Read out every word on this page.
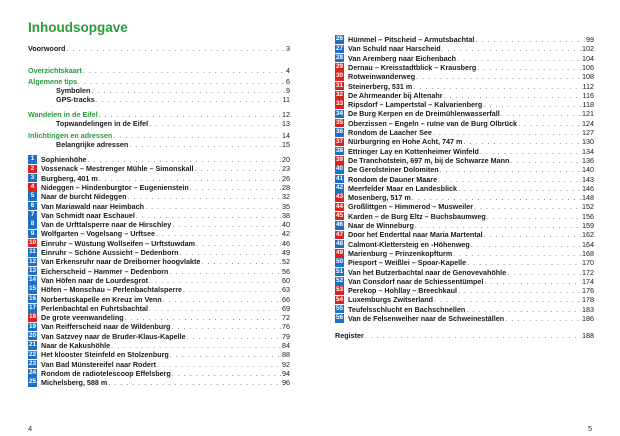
Inhoudsopgave
Voorwoord . . .	3
Overzichtskaart . . .	4
Algemene tips . . .	6
Symbolen . . .	9
GPS-tracks . . .	11
Wandelen in de Eifel . . .	12
Topwandelingen in de Eifel . . .	13
Inlichtingen en adressen . . .	14
Belangrijke adressen . . .	15
1 Sophienhöhe . . .	20
2 Vossenack – Mestrenger Mühle – Simonskall . . .	23
3 Burgberg, 401 m . . .	26
4 Nideggen – Hindenburgtor – Eugenienstein . . .	28
5 Naar de burcht Nideggen . . .	32
6 Van Mariawald naar Heimbach . . .	35
7 Van Schmidt naar Eschauel . . .	38
8 Van de Urfttalsperre naar de Hirschley . . .	40
9 Wolfgarten – Vogelsang – Urftsee . . .	42
10 Einruhr – Wüstung Wollseifen – Urftstuwdam . . .	46
11 Einruhr – Schöne Aussicht – Dedenborn . . .	49
12 Van Erkensruhr naar de Dreiborner hoogvlakte . . .	52
13 Eicherscheid – Hammer – Dedenborn . . .	56
14 Van Höfen naar de Lourdesgrot . . .	60
15 Höfen – Monschau – Perlenbachtalsperre . . .	63
16 Norbertuskapelle en Kreuz im Venn . . .	66
17 Perlenbachtal en Fuhrtsbachtal . . .	69
18 De grote veenwandeling . . .	72
19 Van Reifferscheid naar de Wildenburg . . .	76
20 Van Satzvey naar de Bruder-Klaus-Kapelle . . .	79
21 Naar de Kakushöhle . . .	84
22 Het klooster Steinfeld en Stolzenburg . . .	88
23 Van Bad Münstereifel naar Rodert . . .	92
24 Rondom de radiotelescoop Effelsberg . . .	94
25 Michelsberg, 588 m . . .	96
26 Hümmel – Pitscheid – Armutsbachtal . . .	99
27 Van Schuld naar Harscheid . . .	102
28 Van Aremberg naar Eichenbach . . .	104
29 Dernau – Kreisstadtblick – Krausberg . . .	106
30 Rotweinwanderweg . . .	108
31 Steinerberg, 531 m . . .	112
32 De Ahrmeander bij Altenahr . . .	116
33 Ripsdorf – Lampertstal – Kalvarienberg . . .	118
34 De Burg Kerpen en de Dreimühlenwasserfall . . .	121
35 Oberzissen – Engeln – ruïne van de Burg Olbrück . . .	124
36 Rondom de Laacher See . . .	127
37 Nürburgring en Hohe Acht, 747 m . . .	130
38 Ettringer Lay en Kottenheimer Winfeld . . .	134
39 De Tranchotstein, 697 m, bij de Schwarze Mann . . .	136
40 De Gerolsteiner Dolomiten . . .	140
41 Rondom de Dauner Maare . . .	143
42 Meerfelder Maar en Landesblick . . .	146
43 Mosenberg, 517 m . . .	148
44 Großlittgen – Himmerod – Musweiler . . .	152
45 Karden – de Burg Eltz – Buchsbaumweg . . .	156
46 Naar de Winneburg . . .	159
47 Door het Enderttal naar Maria Martental . . .	162
48 Calmont-Klettersteig en -Höhenweg . . .	164
49 Marienburg – Prinzenkopfturm . . .	168
50 Piesport – Weißlei – Spoar-Kapelle . . .	170
51 Van het Butzerbachtal naar de Genovevahöhle . . .	172
52 Van Consdorf naar de Schiessentümpel . . .	174
53 Perekop – Hohllay – Breechkaul . . .	176
54 Luxemburgs Zwitserland . . .	178
55 Teufelsschlucht en Bachschnellen . . .	183
56 Van de Felsenweiher naar de Schweineställen . . .	186
Register . . .	188
4	5
